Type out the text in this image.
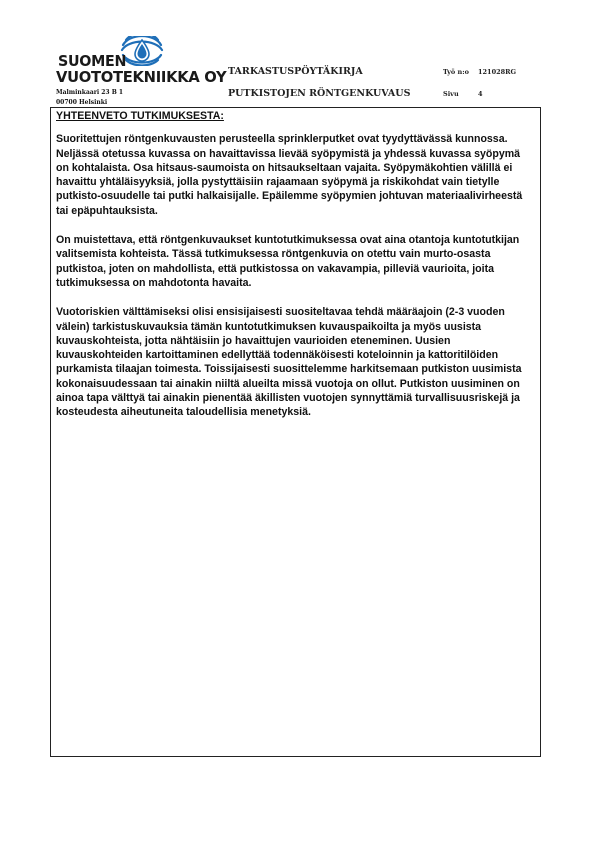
SUOMEN
VUOTOTEKNIIKKA OY
Malminkaari 23 B 1
00700 Helsinki
TARKASTUSPÖYTÄKIRJA
PUTKISTOJEN RÖNTGENKUVAUS
Työ n:o 121028RG
Sivu	4
YHTEENVETO TUTKIMUKSESTA:

Suoritettujen röntgenkuvausten perusteella sprinklerputket ovat tyydyttävässä kunnossa. Neljässä otetussa kuvassa on havaittavissa lievää syöpymistä ja yhdessä kuvassa syöpymä on kohtalaista. Osa hitsaus-saumoista on hitsaukseltaan vajaita. Syöpymäkohtien välillä ei havaittu yhtäläisyyksiä, jolla pystyttäisiin rajaamaan syöpymä ja riskikohdat vain tietylle putkisto-osuudelle tai putki halkaisijalle. Epäilemme syöpymien johtuvan materiaalivirheestä tai epäpuhtauksista.

On muistettava, että röntgenkuvaukset kuntotutkimuksessa ovat aina otantoja kuntotutkijan valitsemista kohteista. Tässä tutkimuksessa röntgenkuvia on otettu vain murto-osasta putkistoa, joten on mahdollista, että putkistossa on vakavampia, pilleviä vaurioita, joita tutkimuksessa on mahdotonta havaita.

Vuotoriskien välttämiseksi olisi ensisijaisesti suositeltavaa tehdä määräajoin (2-3 vuoden välein) tarkistuskuvauksia tämän kuntotutkimuksen kuvauspaikoilta ja myös uusista kuvauskohteista, jotta nähtäisiin jo havaittujen vaurioiden eteneminen. Uusien kuvauskohteiden kartoittaminen edellyttää todennäköisesti koteloinnin ja kattoritilöiden purkamista tilaajan toimesta. Toissijaisesti suosittelemme harkitsemaan putkiston uusimista kokonaisuudessaan tai ainakin niiltä alueilta missä vuotoja on ollut. Putkiston uusiminen on ainoa tapa välttyä tai ainakin pienentää äkillisten vuotojen synnyttämiä turvallisuusriskejä ja kosteudesta aiheutuneita taloudellisia menetyksiä.
